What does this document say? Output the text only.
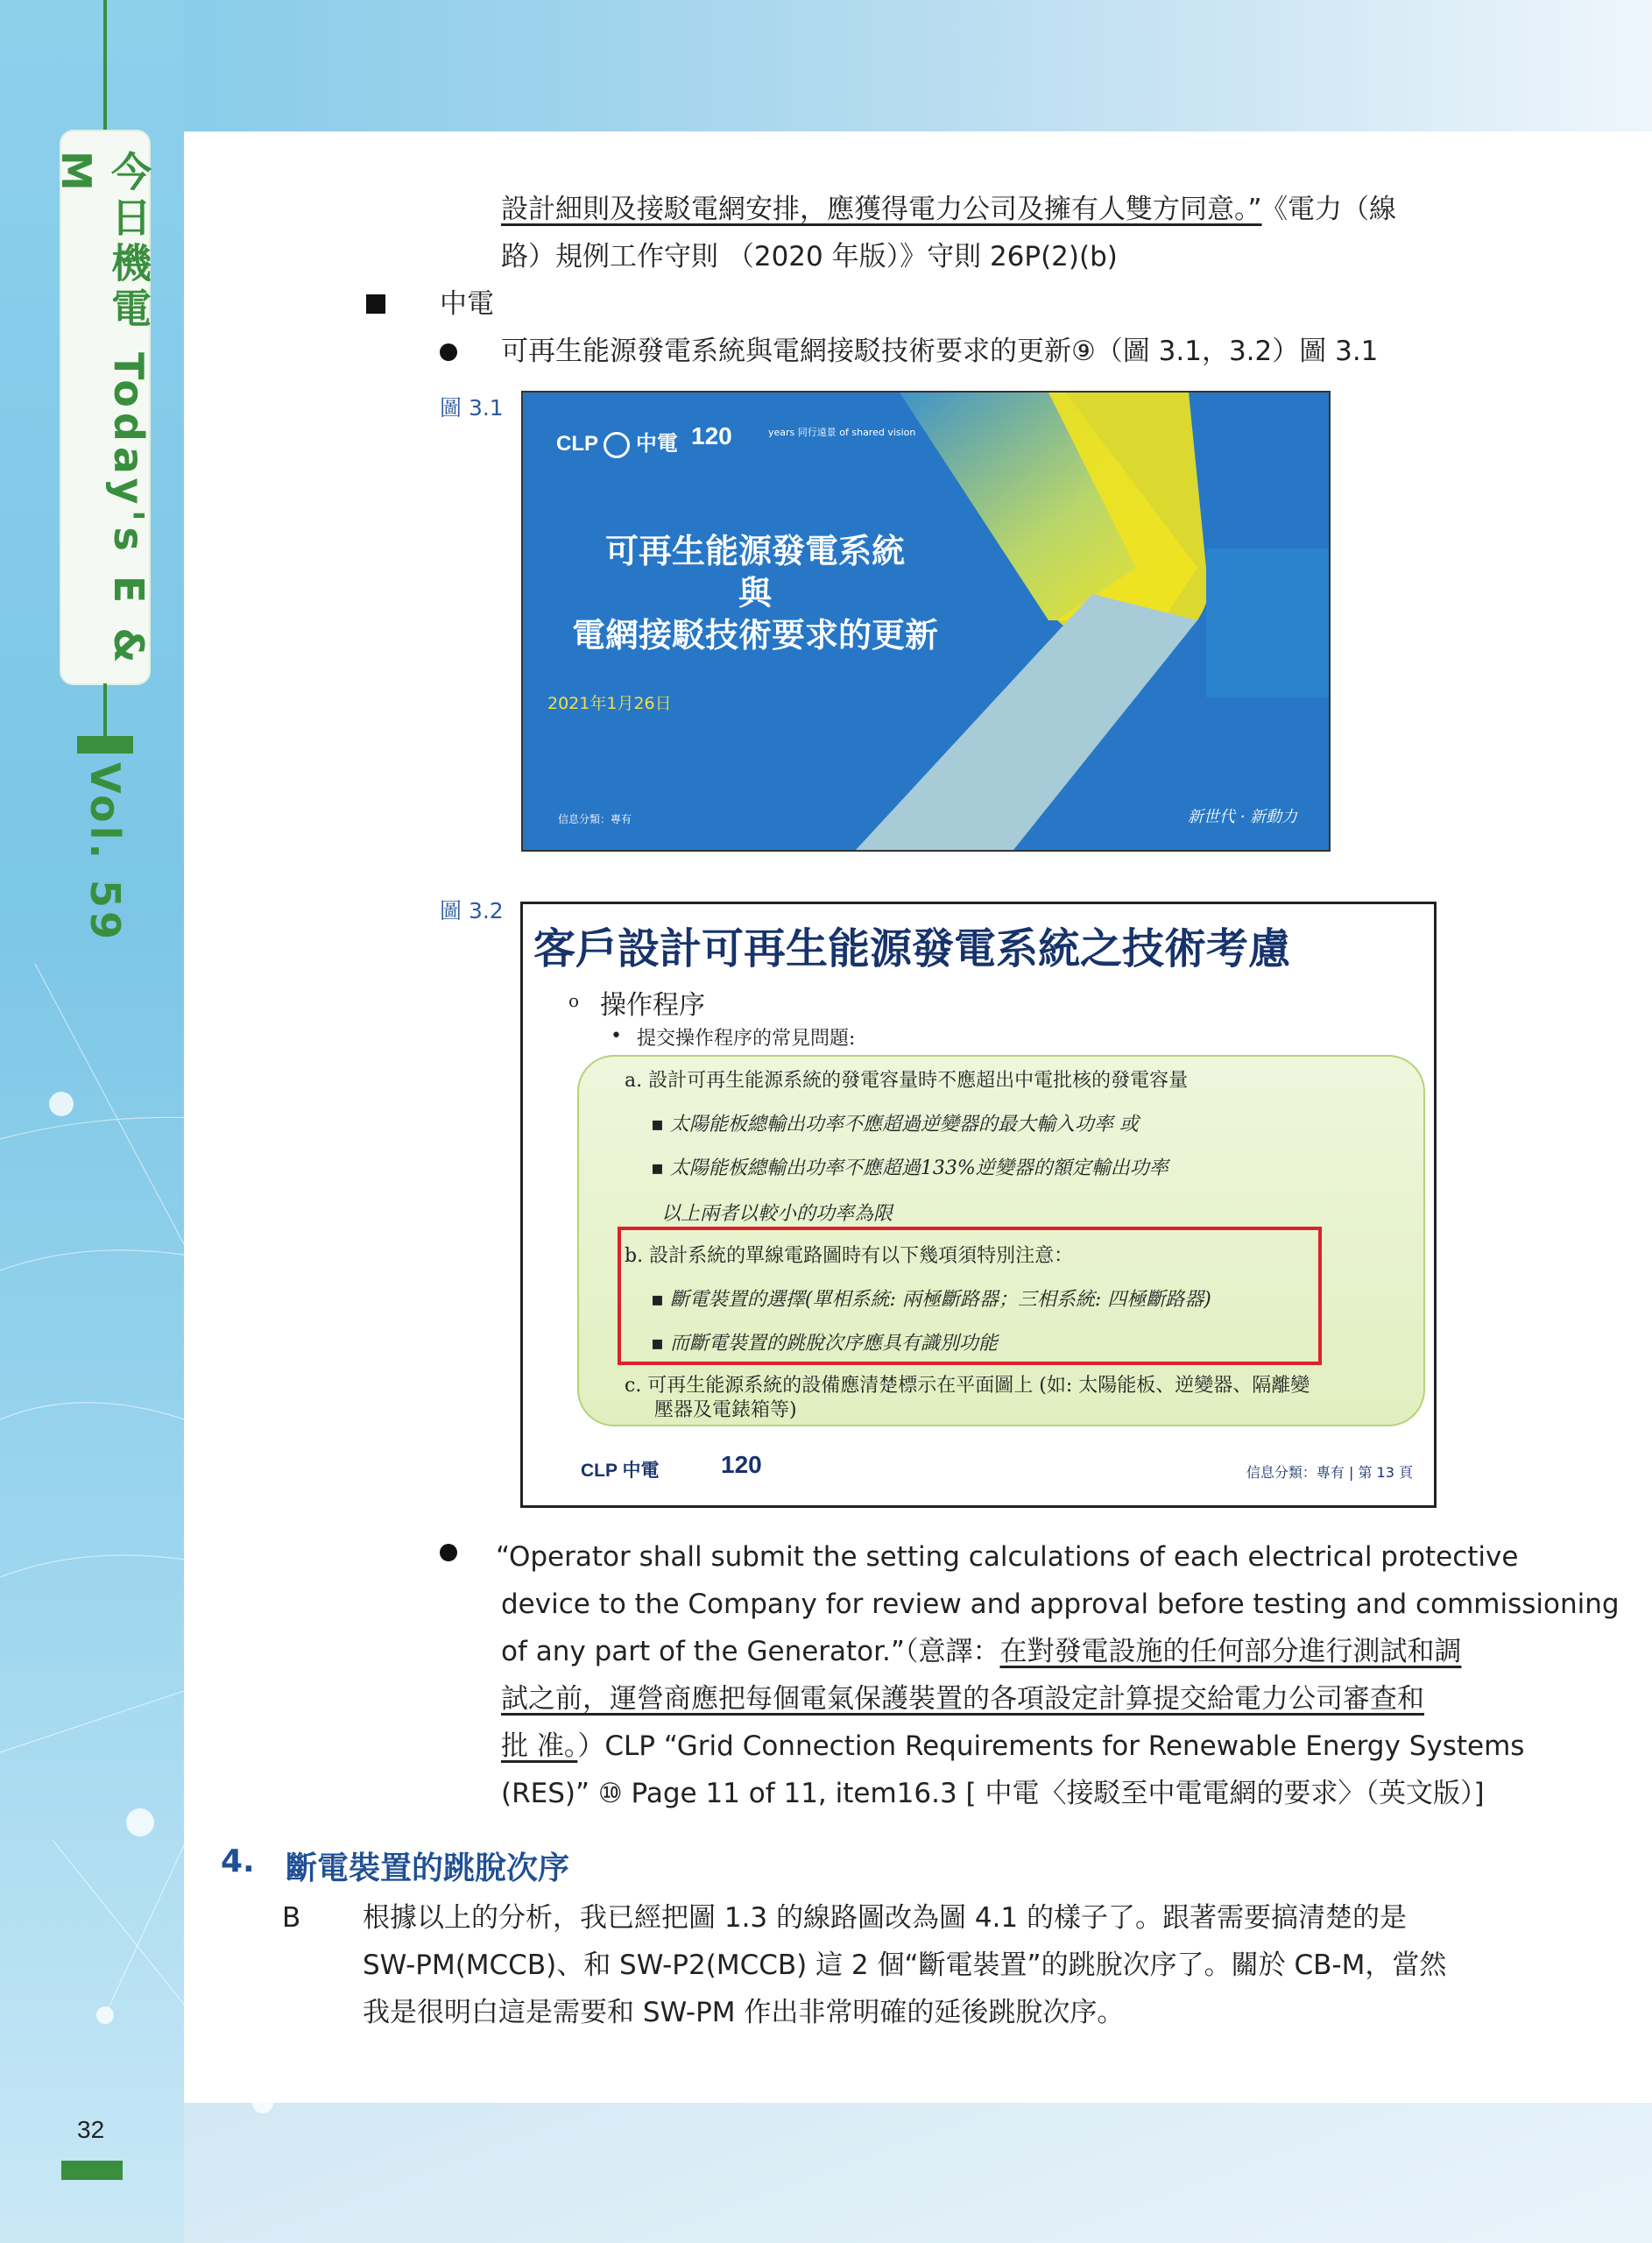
今日機電 Today's E & M
Vol. 59
32
設計細則及接駁電網安排，應獲得電力公司及擁有人雙方同意。” 《電力（線
路）規例工作守則 （2020 年版）》守則 26P(2)(b)
中電
可再生能源發電系統與電網接駁技術要求的更新⑨（圖 3.1，3.2）圖 3.1
圖 3.1
CLP 中電 120	years 同行遠景 of shared vision
可再生能源發電系統
與
電網接駁技術要求的更新
2021年1月26日
信息分類：專有	新世代 · 新動力
圖 3.2
客戶設計可再生能源發電系統之技術考慮
o 操作程序
• 提交操作程序的常見問題:
a. 設計可再生能源系統的發電容量時不應超出中電批核的發電容量
▪ 太陽能板總輸出功率不應超過逆變器的最大輸入功率 或
▪ 太陽能板總輸出功率不應超過133%逆變器的額定輸出功率
以上兩者以較小的功率為限
b. 設計系統的單線電路圖時有以下幾項須特別注意：
▪ 斷電裝置的選擇(單相系統: 兩極斷路器；三相系統: 四極斷路器)
▪ 而斷電裝置的跳脫次序應具有識別功能
c. 可再生能源系統的設備應清楚標示在平面圖上 (如: 太陽能板、逆變器、隔離變
壓器及電錶箱等)
CLP 中電	120	信息分類：專有 | 第 13 頁
“Operator shall submit the setting calculations of each electrical protective
device to the Company for review and approval before testing and commissioning
of any part of the Generator.”（意譯：在對發電設施的任何部分進行測試和調
試之前，運營商應把每個電氣保護裝置的各項設定計算提交給電力公司審查和
批 准。）CLP “Grid Connection Requirements for Renewable Energy Systems
(RES)” ⑩ Page 11 of 11, item16.3 [ 中電〈接駁至中電電網的要求〉（英文版）]
4. 斷電裝置的跳脫次序
B 根據以上的分析，我已經把圖 1.3 的線路圖改為圖 4.1 的樣子了。跟著需要搞清楚的是
SW-PM(MCCB)、和 SW-P2(MCCB) 這 2 個“斷電裝置”的跳脫次序了。關於 CB-M，當然
我是很明白這是需要和 SW-PM 作出非常明確的延後跳脫次序。
